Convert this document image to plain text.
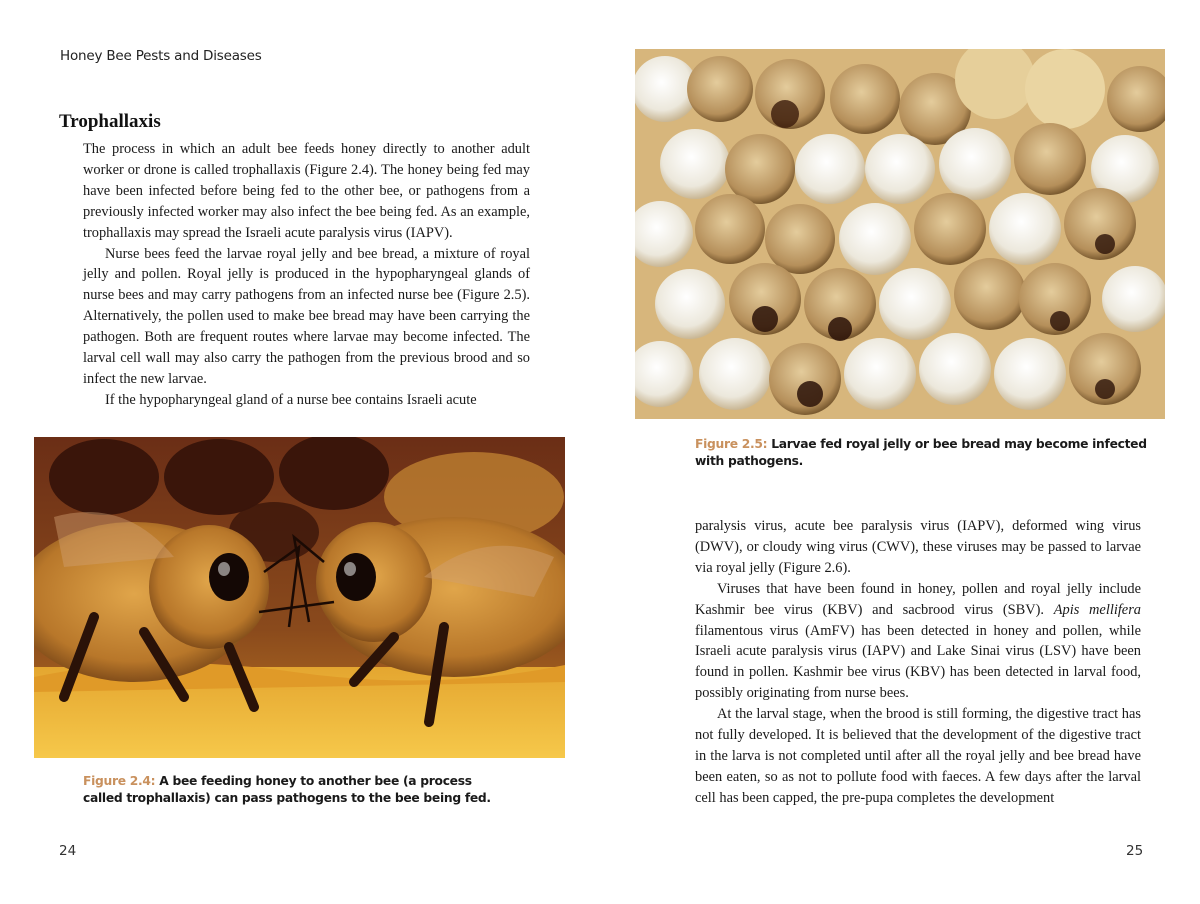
Honey Bee Pests and Diseases
Trophallaxis

The process in which an adult bee feeds honey directly to another adult worker or drone is called trophallaxis (Figure 2.4). The honey being fed may have been infected before being fed to the other bee, or pathogens from a previously infected worker may also infect the bee being fed. As an example, trophallaxis may spread the Israeli acute paralysis virus (IAPV).

Nurse bees feed the larvae royal jelly and bee bread, a mixture of royal jelly and pollen. Royal jelly is produced in the hypopharyngeal glands of nurse bees and may carry pathogens from an infected nurse bee (Figure 2.5). Alternatively, the pollen used to make bee bread may have been carrying the pathogen. Both are frequent routes where larvae may become infected. The larval cell wall may also carry the pathogen from the previous brood and so infect the new larvae.

If the hypopharyngeal gland of a nurse bee contains Israeli acute

Figure 2.4: A bee feeding honey to another bee (a process called trophallaxis) can pass pathogens to the bee being fed.
24
Figure 2.5: Larvae fed royal jelly or bee bread may become infected with pathogens.

paralysis virus, acute bee paralysis virus (IAPV), deformed wing virus (DWV), or cloudy wing virus (CWV), these viruses may be passed to larvae via royal jelly (Figure 2.6).

Viruses that have been found in honey, pollen and royal jelly include Kashmir bee virus (KBV) and sacbrood virus (SBV). Apis mellifera filamentous virus (AmFV) has been detected in honey and pollen, while Israeli acute paralysis virus (IAPV) and Lake Sinai virus (LSV) have been found in pollen. Kashmir bee virus (KBV) has been detected in larval food, possibly originating from nurse bees.

At the larval stage, when the brood is still forming, the digestive tract has not fully developed. It is believed that the development of the digestive tract in the larva is not completed until after all the royal jelly and bee bread have been eaten, so as not to pollute food with faeces. A few days after the larval cell has been capped, the pre-pupa completes the development

25
